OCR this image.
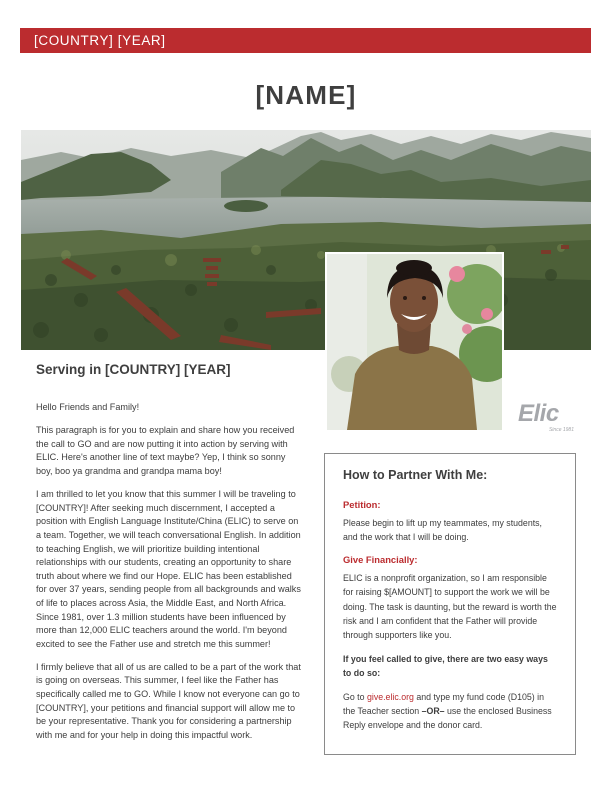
[COUNTRY] [YEAR]
[NAME]
Elic
Since 1981
Serving in [COUNTRY] [YEAR]

Hello Friends and Family!

This paragraph is for you to explain and share how you received the call to GO and are now putting it into action by serving with ELIC. Here's another line of text maybe? Yep, I think so sonny boy, boo ya grandma and grandpa mama boy!

I am thrilled to let you know that this summer I will be traveling to [COUNTRY]! After seeking much discernment, I accepted a position with English Language Institute/China (ELIC) to serve on a team. Together, we will teach conversational English. In addition to teaching English, we will prioritize building intentional relationships with our students, creating an opportunity to share truth about where we find our Hope. ELIC has been established for over 37 years, sending people from all backgrounds and walks of life to places across Asia, the Middle East, and North Africa. Since 1981, over 1.3 million students have been influenced by more than 12,000 ELIC teachers around the world. I'm beyond excited to see the Father use and stretch me this summer!

I firmly believe that all of us are called to be a part of the work that is going on overseas. This summer, I feel like the Father has specifically called me to GO. While I know not everyone can go to [COUNTRY], your petitions and financial support will allow me to be your representative. Thank you for considering a partnership with me and for your help in doing this impactful work.

How to Partner With Me:
Petition:
Please begin to lift up my teammates, my students, and the work that I will be doing.
Give Financially:
ELIC is a nonprofit organization, so I am responsible for raising $[AMOUNT] to support the work we will be doing. The task is daunting, but the reward is worth the risk and I am confident that the Father will provide through supporters like you.
If you feel called to give, there are two easy ways to do so:
Go to give.elic.org and type my fund code (D105) in the Teacher section –OR– use the enclosed Business Reply envelope and the donor card.
